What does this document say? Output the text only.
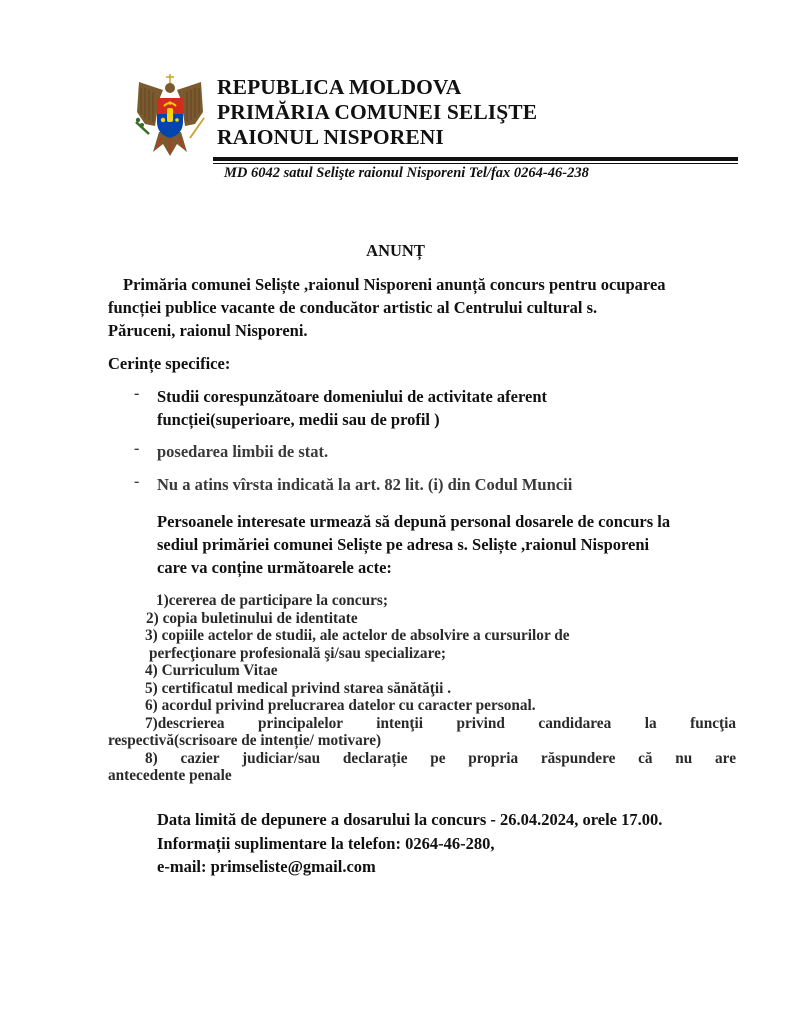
REPUBLICA MOLDOVA
PRIMĂRIA COMUNEI SELIŞTE
RAIONUL NISPORENI
MD 6042 satul Selişte raionul Nisporeni Tel/fax 0264-46-238
ANUNȚ
Primăria comunei Seliște ,raionul Nisporeni anunță concurs pentru ocuparea
funcției publice vacante de conducător artistic al Centrului cultural s.
Păruceni, raionul Nisporeni.
Cerințe specifice:
- Studii corespunzătoare domeniului de activitate aferent
funcției(superioare, medii sau de profil )
- posedarea limbii de stat.
- Nu a atins vîrsta indicată la art. 82 lit. (i) din Codul Muncii
Persoanele interesate urmează să depună personal dosarele de concurs la
sediul primăriei comunei Seliște pe adresa s. Seliște ,raionul Nisporeni
care va conține următoarele acte:
1)cererea de participare la concurs;
2) copia buletinului de identitate
3) copiile actelor de studii, ale actelor de absolvire a cursurilor de
perfecţionare profesională şi/sau specializare;
4) Curriculum Vitae
5) certificatul medical privind starea sănătăţii .
6) acordul privind prelucrarea datelor cu caracter personal.
7)descrierea principalelor intenţii privind candidarea la funcţia
respectivă(scrisoare de intenție/ motivare)
8) cazier judiciar/sau declarație pe propria răspundere că nu are
antecedente penale
Data limită de depunere a dosarului la concurs - 26.04.2024, orele 17.00.
Informații suplimentare la telefon: 0264-46-280,
e-mail: primseliste@gmail.com
